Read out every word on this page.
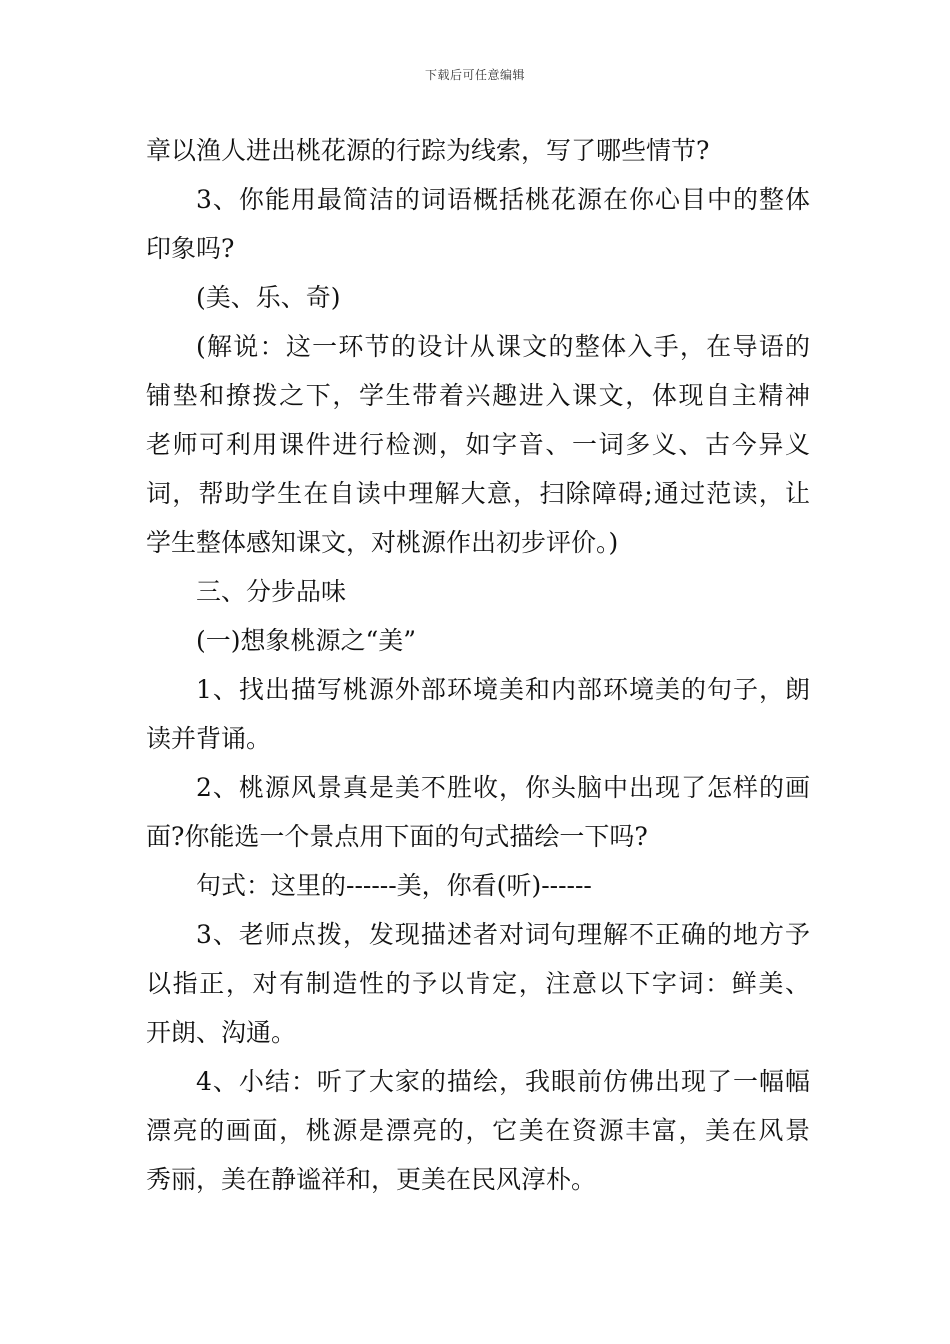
下载后可任意编辑
章以渔人进出桃花源的行踪为线索，写了哪些情节?
3、你能用最简洁的词语概括桃花源在你心目中的整体
印象吗?
(美、乐、奇)
(解说：这一环节的设计从课文的整体入手，在导语的
铺垫和撩拨之下，学生带着兴趣进入课文，体现自主精神
老师可利用课件进行检测，如字音、一词多义、古今异义
词，帮助学生在自读中理解大意，扫除障碍;通过范读，让
学生整体感知课文，对桃源作出初步评价。)
三、分步品味
(一)想象桃源之“美”
1、找出描写桃源外部环境美和内部环境美的句子，朗
读并背诵。
2、桃源风景真是美不胜收，你头脑中出现了怎样的画
面?你能选一个景点用下面的句式描绘一下吗?
句式：这里的------美，你看(听)------
3、老师点拨，发现描述者对词句理解不正确的地方予
以指正，对有制造性的予以肯定，注意以下字词：鲜美、
开朗、沟通。
4、小结：听了大家的描绘，我眼前仿佛出现了一幅幅
漂亮的画面，桃源是漂亮的，它美在资源丰富，美在风景
秀丽，美在静谧祥和，更美在民风淳朴。
